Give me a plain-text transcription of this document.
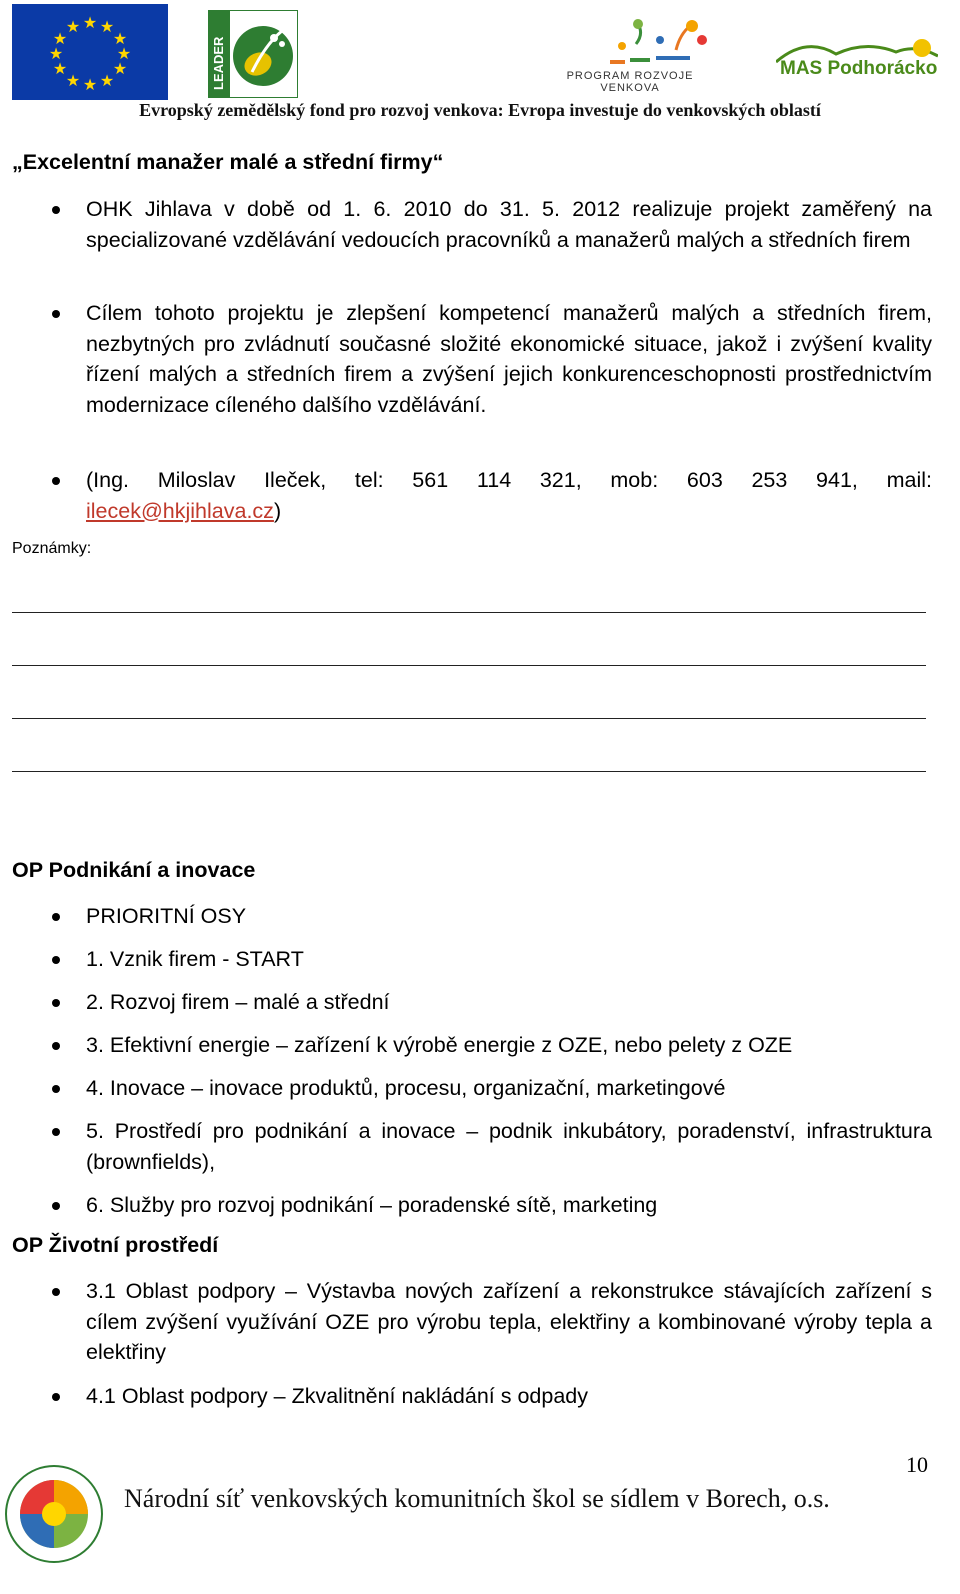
★ ★
★
★
★
★
★
★
★
★
★
★
LEADER	PROGRAM ROZVOJE VENKOVA
MAS Podhorácko
Evropský zemědělský fond pro rozvoj venkova: Evropa investuje do venkovských oblastí
„Excelentní manažer malé a střední firmy“
OHK Jihlava v době od 1. 6. 2010 do 31. 5. 2012 realizuje projekt zaměřený na specializované vzdělávání vedoucích pracovníků a manažerů malých a středních firem
Cílem tohoto projektu je zlepšení kompetencí manažerů malých a středních firem, nezbytných pro zvládnutí současné složité ekonomické situace, jakož i zvýšení kvality řízení malých a středních firem a zvýšení jejich konkurenceschopnosti prostřednictvím modernizace cíleného dalšího vzdělávání.
(Ing. Miloslav Ileček, tel: 561 114 321, mob: 603 253 941, mail:
ilecek@hkjihlava.cz)
Poznámky:
OP Podnikání a inovace
PRIORITNÍ OSY
1. Vznik firem - START
2. Rozvoj firem – malé a střední
3. Efektivní energie – zařízení k výrobě energie z OZE, nebo pelety z OZE
4. Inovace – inovace produktů, procesu, organizační, marketingové
5. Prostředí pro podnikání a inovace – podnik inkubátory, poradenství, infrastruktura (brownfields),
6. Služby pro rozvoj podnikání – poradenské sítě, marketing
OP Životní prostředí
3.1 Oblast podpory – Výstavba nových zařízení a rekonstrukce stávajících zařízení s cílem zvýšení využívání OZE pro výrobu tepla, elektřiny a kombinované výroby tepla a elektřiny
4.1 Oblast podpory – Zkvalitnění nakládání s odpady
10
Národní síť venkovských komunitních škol se sídlem v Borech, o.s.
